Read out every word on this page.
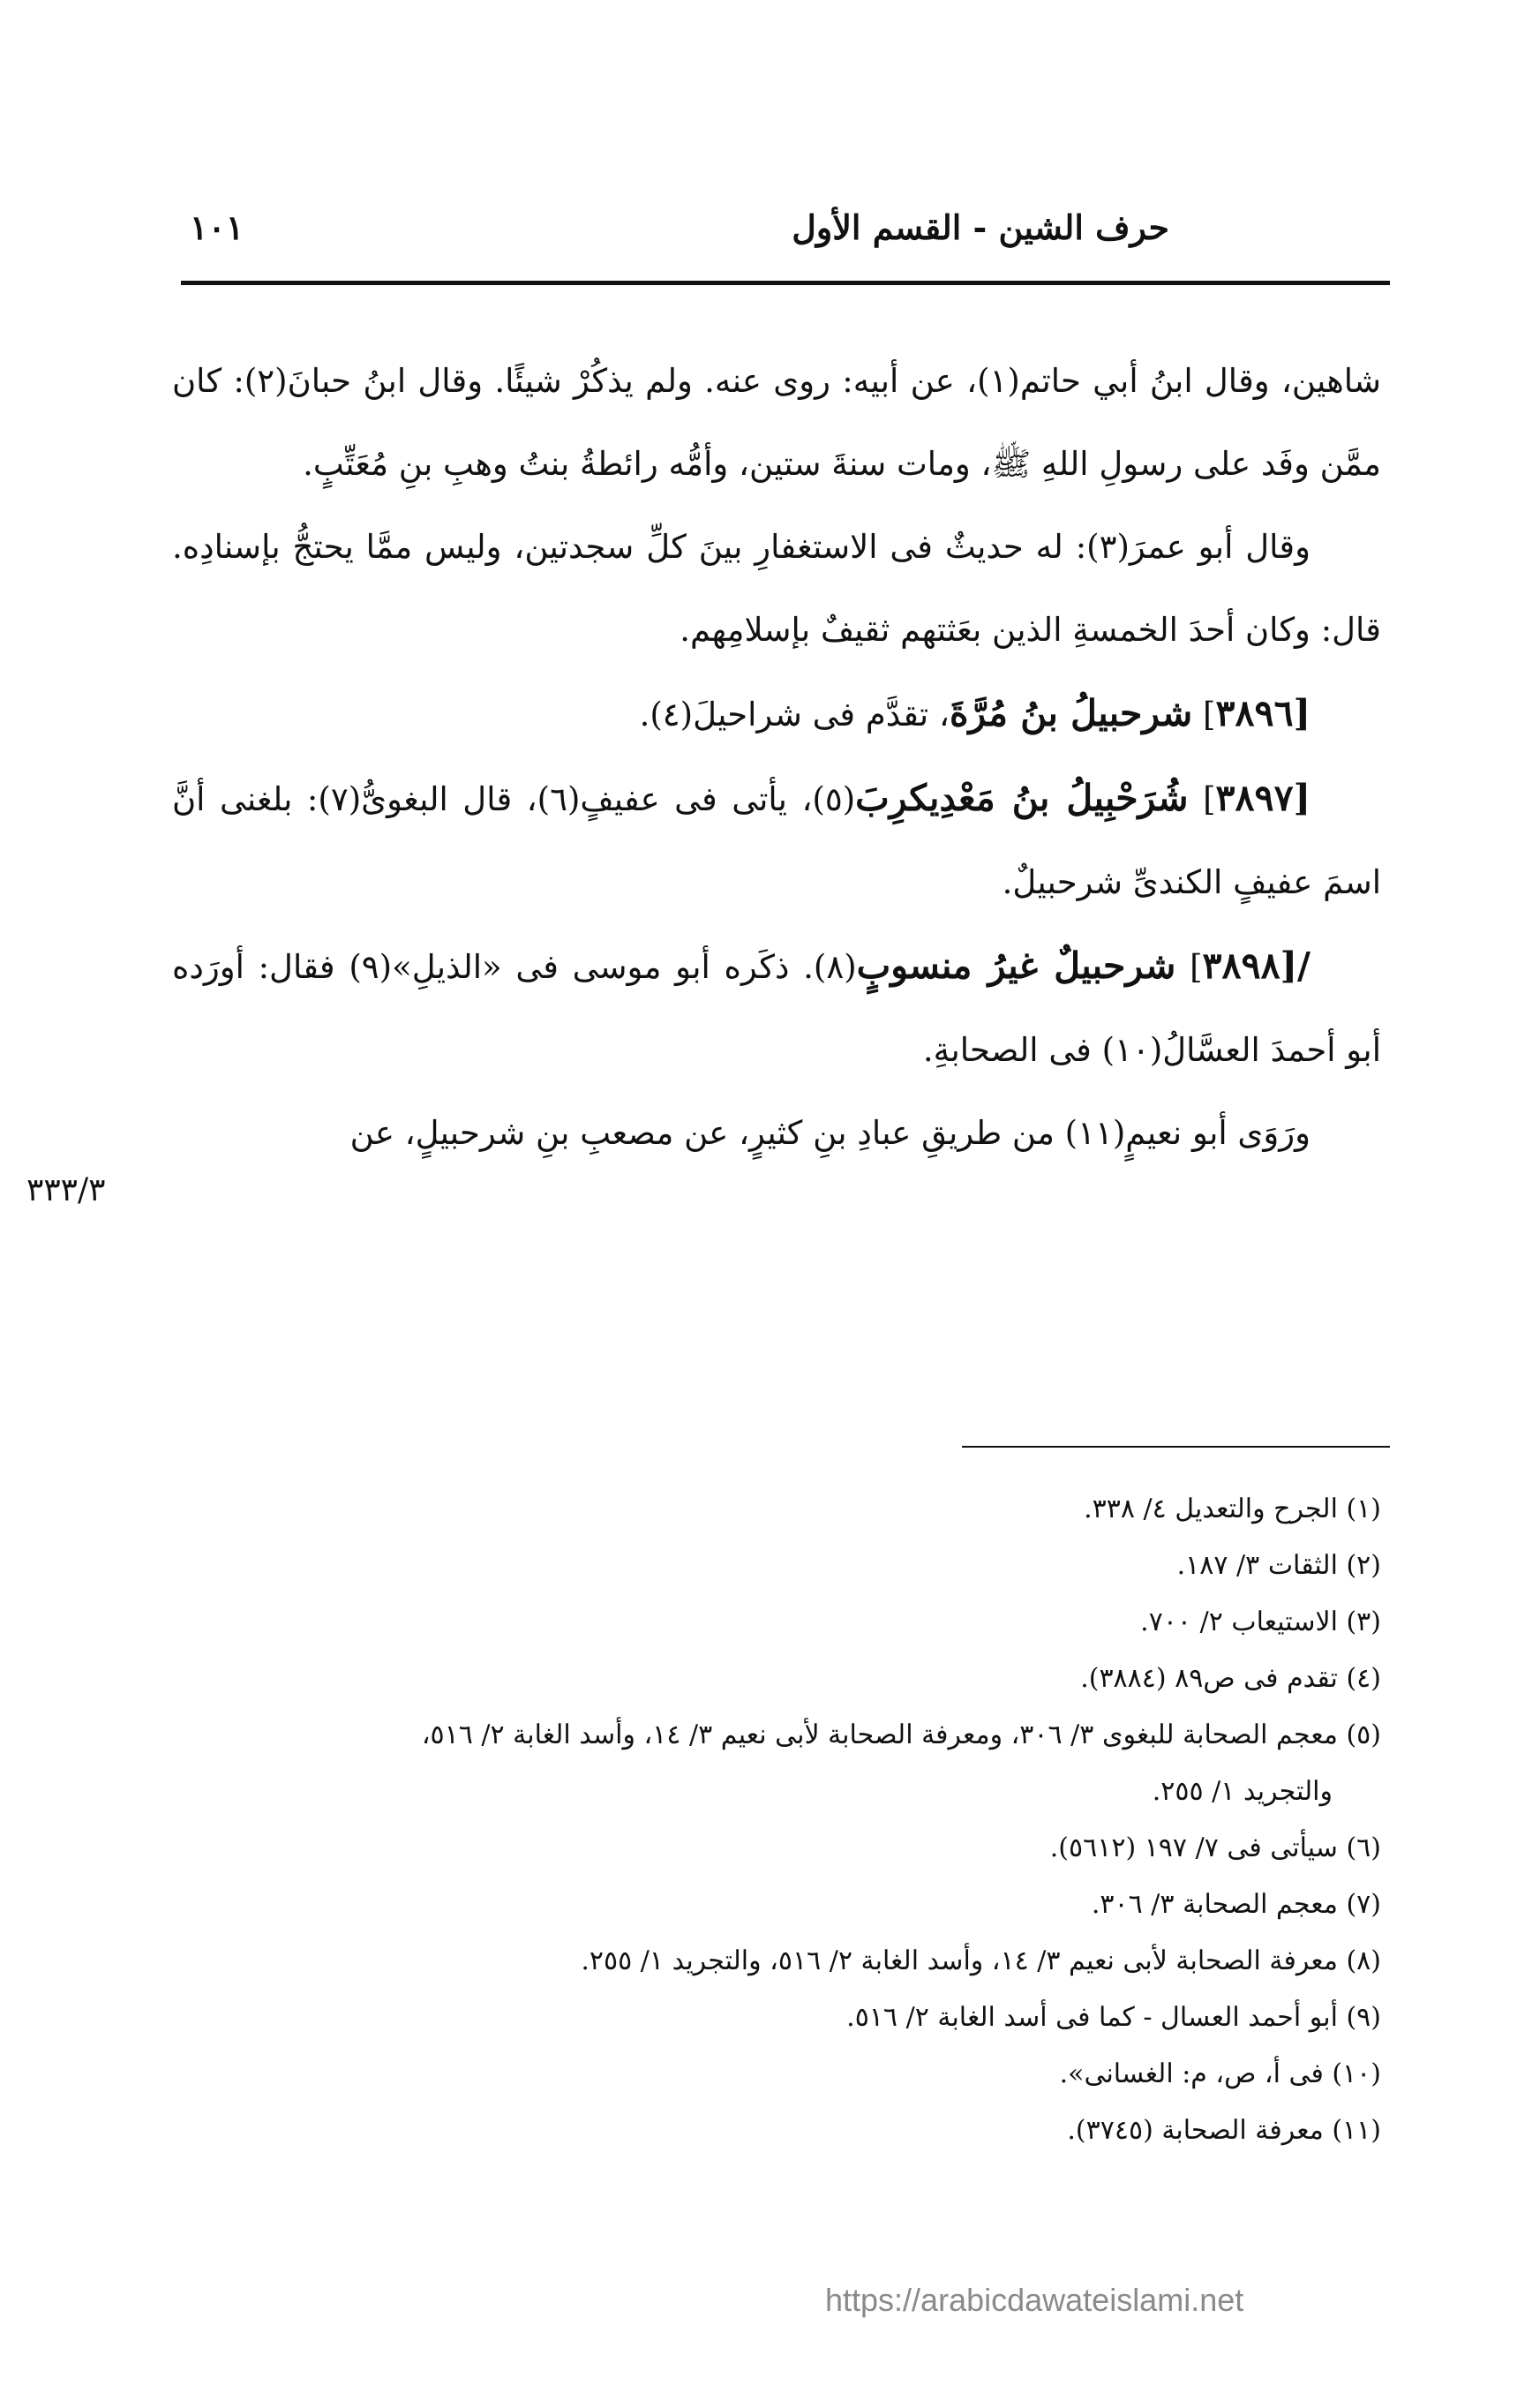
حرف الشين - القسم الأول
١٠١

شاهين، وقال ابنُ أبي حاتم(١)، عن أبيه: روى عنه. ولم يذكُرْ شيئًا. وقال ابنُ حبانَ(٢): كان ممَّن وفَد على رسولِ اللهِ ﷺ، ومات سنةَ ستين، وأمُّه رائطةُ بنتُ وهبِ بنِ مُعَتِّبٍ.

وقال أبو عمرَ(٣): له حديثٌ فى الاستغفارِ بينَ كلِّ سجدتين، وليس ممَّا يحتجُّ بإسنادِه. قال: وكان أحدَ الخمسةِ الذين بعَثتهم ثقيفٌ بإسلامِهم.

[٣٨٩٦] شرحبيلُ بنُ مُرَّةَ، تقدَّم فى شراحيلَ(٤).

[٣٨٩٧] شُرَحْبِيلُ بنُ مَعْدِيكرِبَ(٥)، يأتى فى عفيفٍ(٦)، قال البغوىُّ(٧): بلغنى أنَّ اسمَ عفيفٍ الكندىِّ شرحبيلٌ.

/[٣٨٩٨] شرحبيلٌ غيرُ منسوبٍ(٨). ذكَره أبو موسى فى «الذيلِ»(٩) فقال: أورَده أبو أحمدَ العسَّالُ(١٠) فى الصحابةِ.

ورَوَى أبو نعيمٍ(١١) من طريقِ عبادِ بنِ كثيرٍ، عن مصعبِ بنِ شرحبيلٍ، عن

٣٣٣/٣

(١) الجرح والتعديل ٤/ ٣٣٨.

(٢) الثقات ٣/ ١٨٧.

(٣) الاستيعاب ٢/ ٧٠٠.

(٤) تقدم فى ص٨٩ (٣٨٨٤).

(٥) معجم الصحابة للبغوى ٣/ ٣٠٦، ومعرفة الصحابة لأبى نعيم ٣/ ١٤، وأسد الغابة ٢/ ٥١٦،

والتجريد ١/ ٢٥٥.

(٦) سيأتى فى ٧/ ١٩٧ (٥٦١٢).

(٧) معجم الصحابة ٣/ ٣٠٦.

(٨) معرفة الصحابة لأبى نعيم ٣/ ١٤، وأسد الغابة ٢/ ٥١٦، والتجريد ١/ ٢٥٥.

(٩) أبو أحمد العسال - كما فى أسد الغابة ٢/ ٥١٦.

(١٠) فى أ، ص، م: الغسانى».

(١١) معرفة الصحابة (٣٧٤٥).

https://arabicdawateislami.net
